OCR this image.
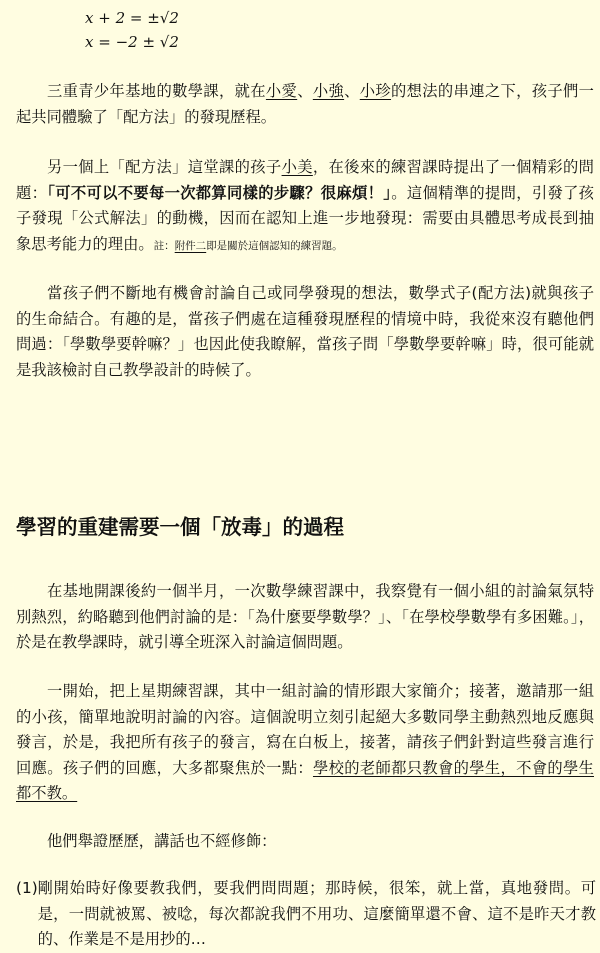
x + 2 = ±√2
x = −2 ± √2

三重青少年基地的數學課，就在小愛、小強、小珍的想法的串連之下，孩子們一起共同體驗了「配方法」的發現歷程。

另一個上「配方法」這堂課的孩子小美，在後來的練習課時提出了一個精彩的問題：「可不可以不要每一次都算同樣的步驟？很麻煩！」。這個精準的提問，引發了孩子發現「公式解法」的動機，因而在認知上進一步地發現：需要由具體思考成長到抽象思考能力的理由。註：附件二即是關於這個認知的練習題。

當孩子們不斷地有機會討論自己或同學發現的想法，數學式子(配方法)就與孩子的生命結合。有趣的是，當孩子們處在這種發現歷程的情境中時，我從來沒有聽他們問過：「學數學要幹嘛？」也因此使我瞭解，當孩子問「學數學要幹嘛」時，很可能就是我該檢討自己教學設計的時候了。

學習的重建需要一個「放毒」的過程

在基地開課後約一個半月，一次數學練習課中，我察覺有一個小組的討論氣氛特別熱烈，約略聽到他們討論的是：「為什麼要學數學？」、「在學校學數學有多困難。」，於是在教學課時，就引導全班深入討論這個問題。

一開始，把上星期練習課，其中一組討論的情形跟大家簡介；接著，邀請那一組的小孩，簡單地說明討論的內容。這個說明立刻引起絕大多數同學主動熱烈地反應與發言，於是，我把所有孩子的發言，寫在白板上，接著，請孩子們針對這些發言進行回應。孩子們的回應，大多都聚焦於一點：學校的老師都只教會的學生，不會的學生都不教。

他們舉證歷歷，講話也不經修飾：

(1) 剛開始時好像要教我們，要我們問問題；那時候，很笨，就上當，真地發問。可是，一問就被罵、被唸，每次都說我們不用功、這麼簡單還不會、這不是昨天才教的、作業是不是用抄的…
